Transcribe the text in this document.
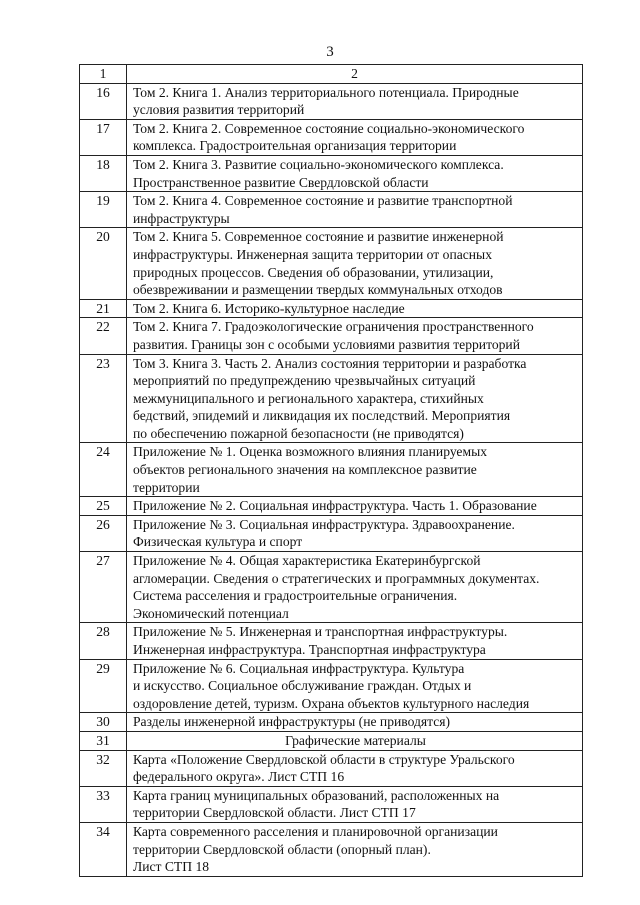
3
1	2
16	Том 2. Книга 1. Анализ территориального потенциала. Природные
условия развития территорий

17	Том 2. Книга 2. Современное состояние социально-экономического
комплекса. Градостроительная организация территории

18	Том 2. Книга 3. Развитие социально-экономического комплекса.
Пространственное развитие Свердловской области

19	Том 2. Книга 4. Современное состояние и развитие транспортной
инфраструктуры

20	Том 2. Книга 5. Современное состояние и развитие инженерной
инфраструктуры. Инженерная защита территории от опасных
природных процессов. Сведения об образовании, утилизации,
обезвреживании и размещении твердых коммунальных отходов

21	Том 2. Книга 6. Историко-культурное наследие

22	Том 2. Книга 7. Градоэкологические ограничения пространственного
развития. Границы зон с особыми условиями развития территорий

23	Том 3. Книга 3. Часть 2. Анализ состояния территории и разработка
мероприятий по предупреждению чрезвычайных ситуаций
межмуниципального и регионального характера, стихийных
бедствий, эпидемий и ликвидация их последствий. Мероприятия
по обеспечению пожарной безопасности (не приводятся)

24	Приложение № 1. Оценка возможного влияния планируемых
объектов регионального значения на комплексное развитие
территории

25	Приложение № 2. Социальная инфраструктура. Часть 1. Образование

26	Приложение № 3. Социальная инфраструктура. Здравоохранение.
Физическая культура и спорт

27	Приложение № 4. Общая характеристика Екатеринбургской
агломерации. Сведения о стратегических и программных документах.
Система расселения и градостроительные ограничения.
Экономический потенциал

28	Приложение № 5. Инженерная и транспортная инфраструктуры.
Инженерная инфраструктура. Транспортная инфраструктура

29	Приложение № 6. Социальная инфраструктура. Культура
и искусство. Социальное обслуживание граждан. Отдых и
оздоровление детей, туризм. Охрана объектов культурного наследия

30	Разделы инженерной инфраструктуры (не приводятся)

31	Графические материалы

32	Карта «Положение Свердловской области в структуре Уральского
федерального округа». Лист СТП 16

33	Карта границ муниципальных образований, расположенных на
территории Свердловской области. Лист СТП 17

34	Карта современного расселения и планировочной организации
территории Свердловской области (опорный план).
Лист СТП 18
